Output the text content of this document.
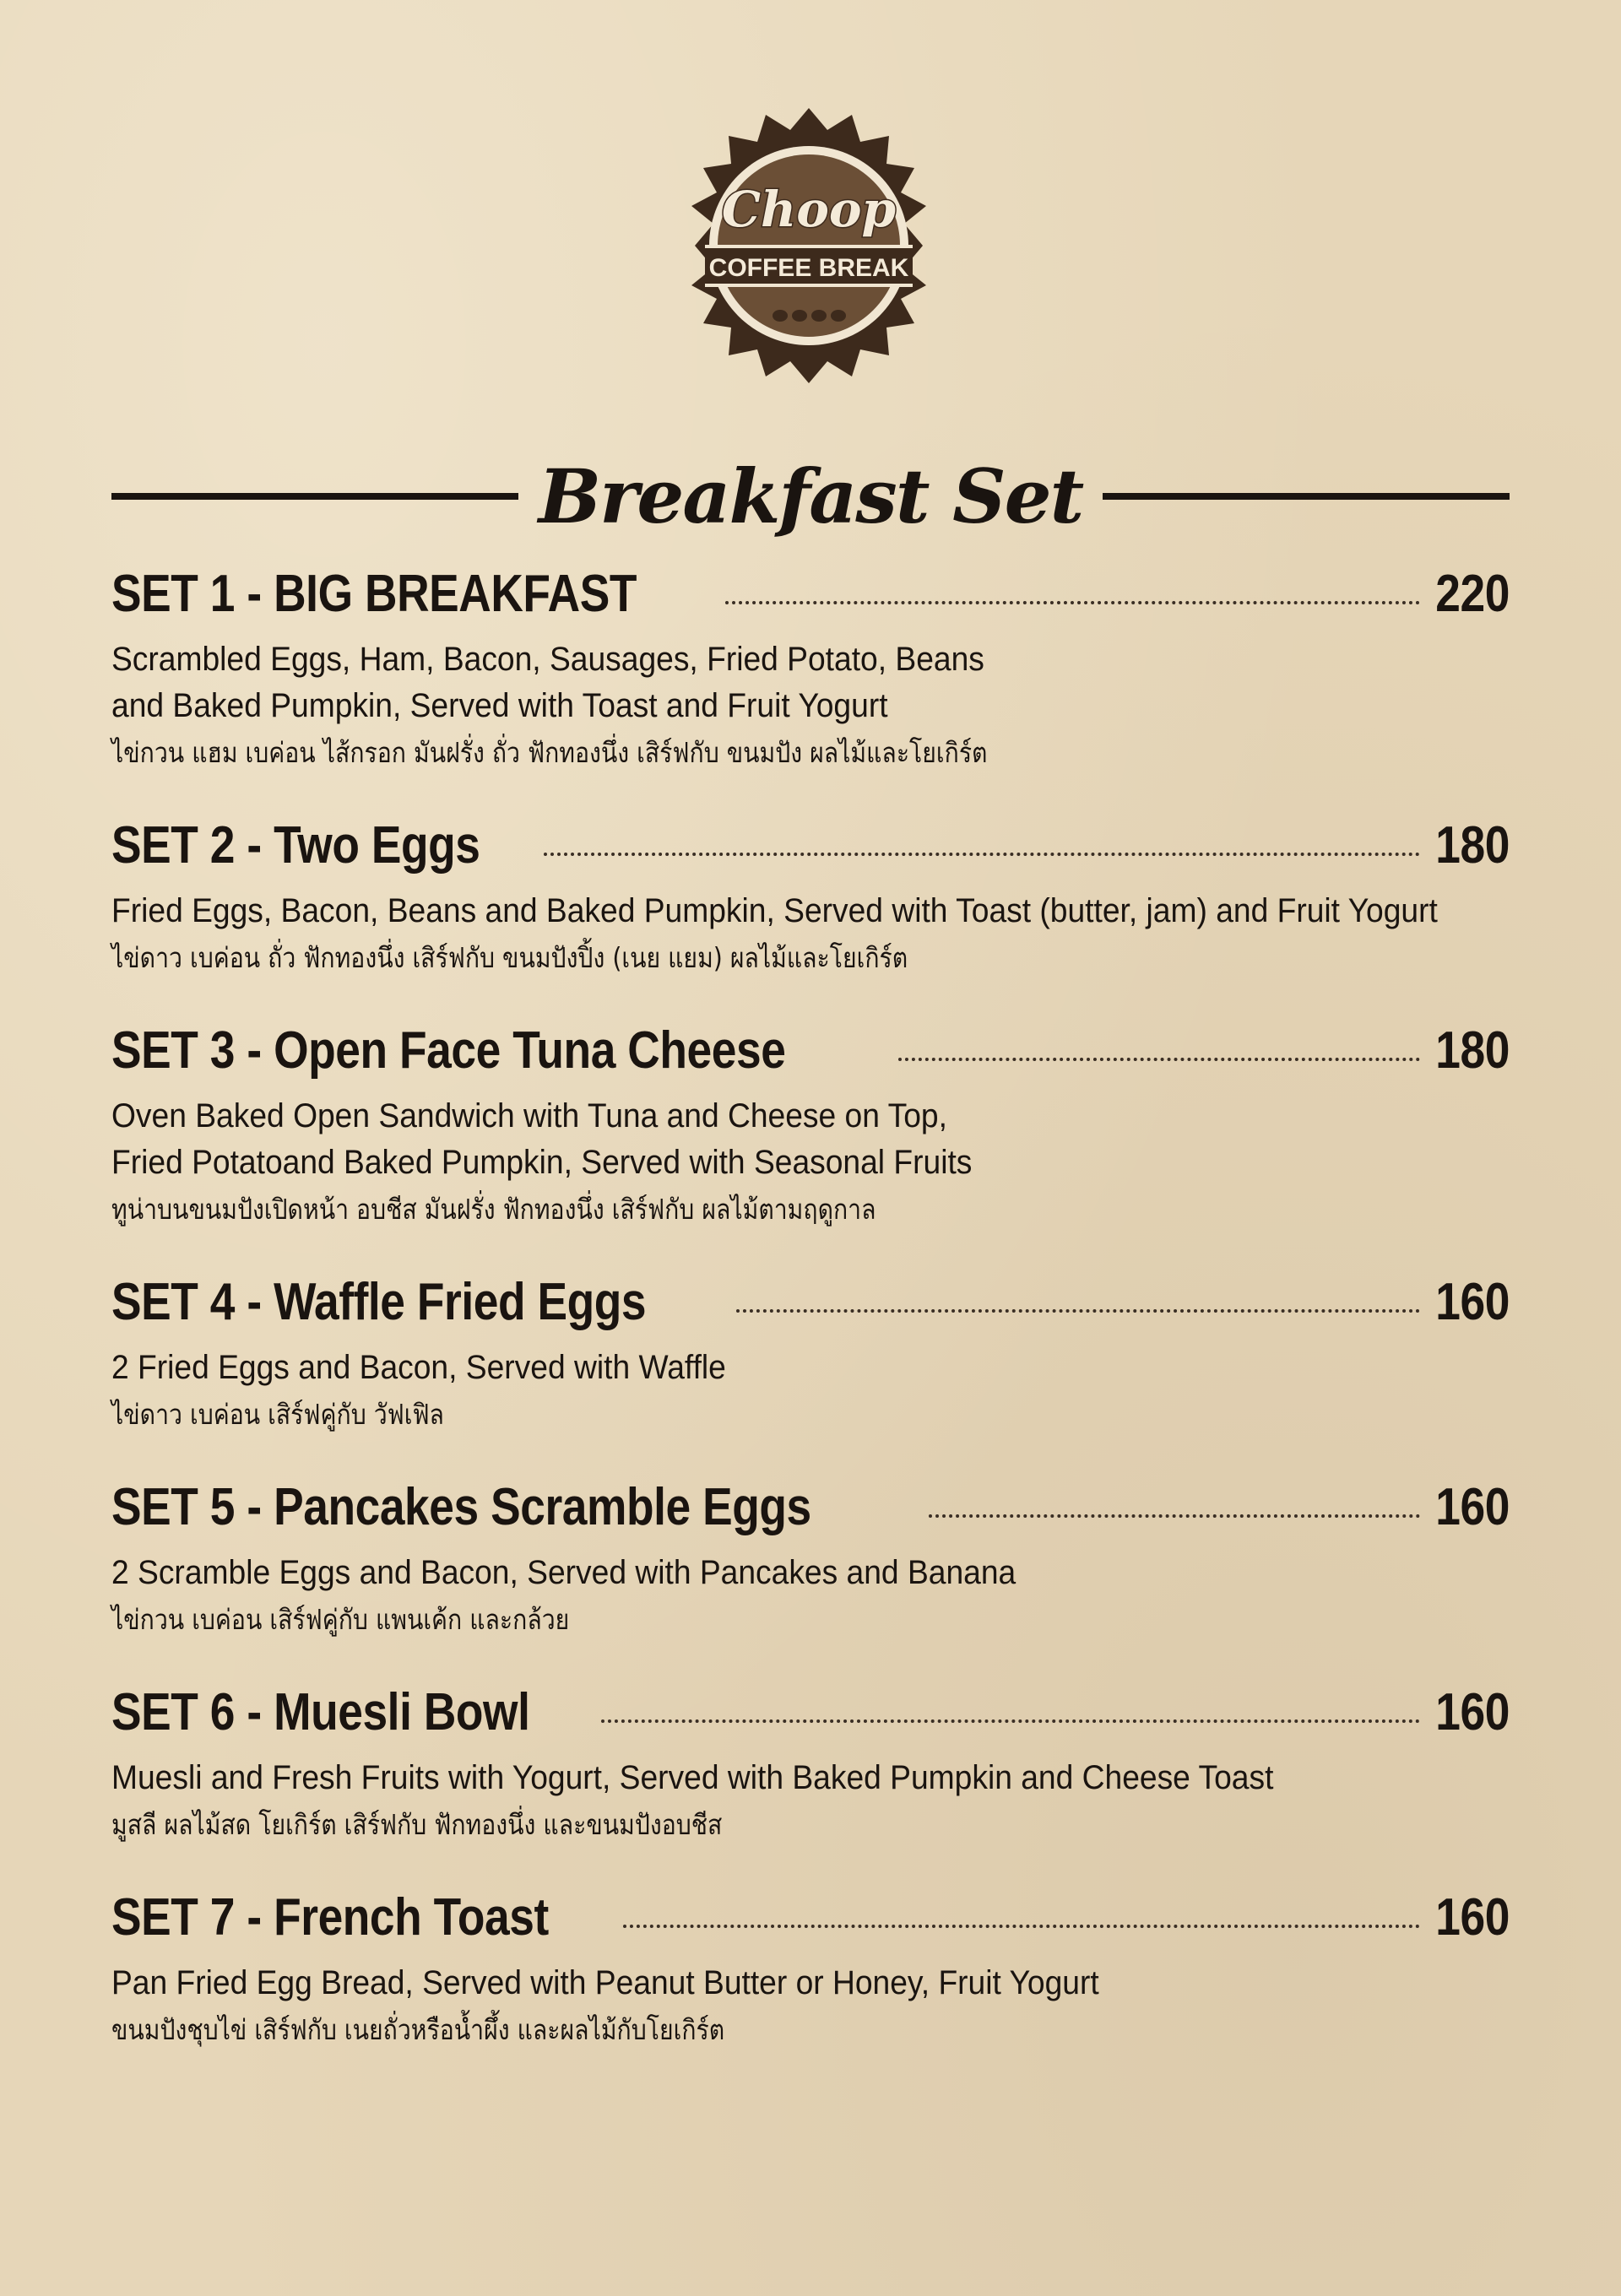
Choop
COFFEE BREAK
Breakfast Set
SET 1 - BIG BREAKFAST	220
Scrambled Eggs, Ham, Bacon, Sausages, Fried Potato, Beans
and Baked Pumpkin, Served with Toast and Fruit Yogurt
ไข่กวน แฮม เบค่อน ไส้กรอก มันฝรั่ง ถั่ว ฟักทองนึ่ง เสิร์ฟกับ ขนมปัง ผลไม้และโยเกิร์ต
SET 2 - Two Eggs	180
Fried Eggs, Bacon, Beans and Baked Pumpkin, Served with Toast (butter, jam) and Fruit Yogurt
ไข่ดาว เบค่อน ถั่ว ฟักทองนึ่ง เสิร์ฟกับ ขนมปังปิ้ง (เนย แยม) ผลไม้และโยเกิร์ต
SET 3 - Open Face Tuna Cheese	180
Oven Baked Open Sandwich with Tuna and Cheese on Top,
Fried Potatoand Baked Pumpkin, Served with Seasonal Fruits
ทูน่าบนขนมปังเปิดหน้า อบชีส มันฝรั่ง ฟักทองนึ่ง เสิร์ฟกับ ผลไม้ตามฤดูกาล
SET 4 - Waffle Fried Eggs	160
2 Fried Eggs and Bacon, Served with Waffle
ไข่ดาว เบค่อน เสิร์ฟคู่กับ วัฟเฟิล
SET 5 - Pancakes Scramble Eggs	160
2 Scramble Eggs and Bacon, Served with Pancakes and Banana
ไข่กวน เบค่อน เสิร์ฟคู่กับ แพนเค้ก และกล้วย
SET 6 - Muesli Bowl	160
Muesli and Fresh Fruits with Yogurt, Served with Baked Pumpkin and Cheese Toast
มูสลี ผลไม้สด โยเกิร์ต เสิร์ฟกับ ฟักทองนึ่ง และขนมปังอบชีส
SET 7 - French Toast	160
Pan Fried Egg Bread, Served with Peanut Butter or Honey, Fruit Yogurt
ขนมปังชุบไข่ เสิร์ฟกับ เนยถั่วหรือน้ำผึ้ง และผลไม้กับโยเกิร์ต
